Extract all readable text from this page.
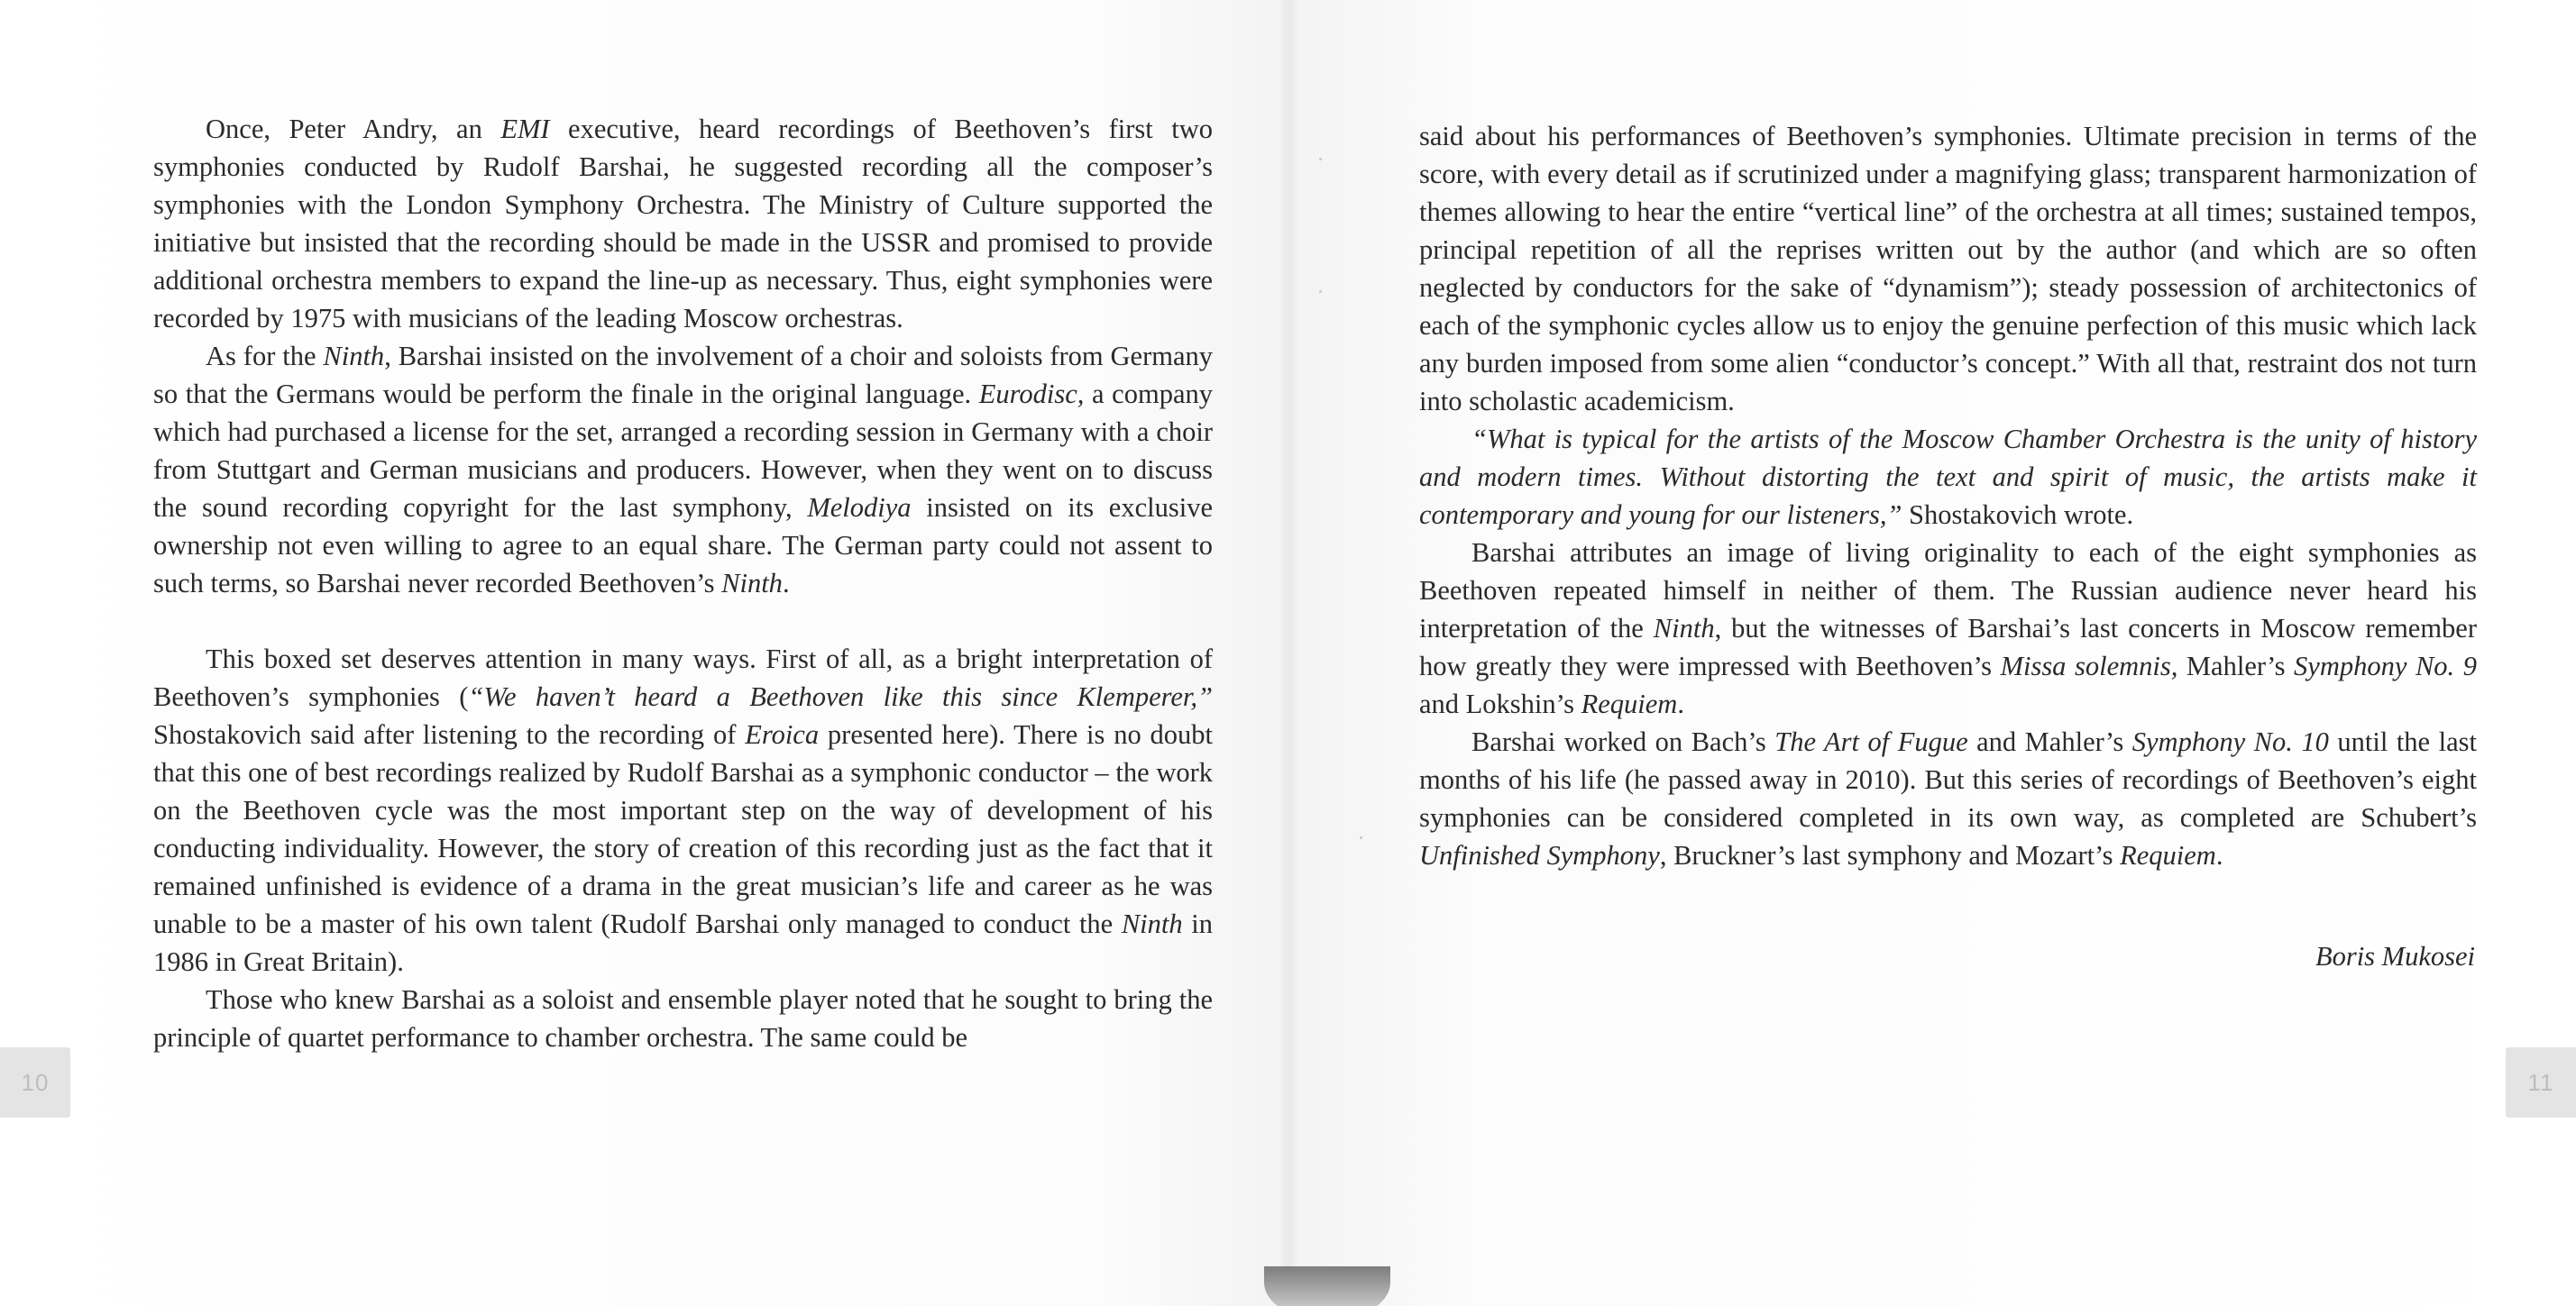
Once, Peter Andry, an EMI executive, heard recordings of Beethoven’s first two symphonies conducted by Rudolf Barshai, he suggested recording all the composer’s symphonies with the London Symphony Orchestra. The Ministry of Culture supported the initiative but insisted that the recording should be made in the USSR and promised to provide additional orchestra members to expand the line-up as necessary. Thus, eight symphonies were recorded by 1975 with musicians of the leading Moscow orchestras.

As for the Ninth, Barshai insisted on the involvement of a choir and soloists from Germany so that the Germans would be perform the finale in the original language. Eurodisc, a company which had purchased a license for the set, arranged a recording session in Germany with a choir from Stuttgart and German musicians and producers. However, when they went on to discuss the sound recording copyright for the last symphony, Melodiya insisted on its exclusive ownership not even willing to agree to an equal share. The German party could not assent to such terms, so Barshai never recorded Beethoven’s Ninth.

This boxed set deserves attention in many ways. First of all, as a bright interpretation of Beethoven’s symphonies (“We haven’t heard a Beethoven like this since Klemperer,” Shostakovich said after listening to the recording of Eroica presented here). There is no doubt that this one of best recordings realized by Rudolf Barshai as a symphonic conductor – the work on the Beethoven cycle was the most important step on the way of development of his conducting individuality. However, the story of creation of this recording just as the fact that it remained unfinished is evidence of a drama in the great musician’s life and career as he was unable to be a master of his own talent (Rudolf Barshai only managed to conduct the Ninth in 1986 in Great Britain).

Those who knew Barshai as a soloist and ensemble player noted that he sought to bring the principle of quartet performance to chamber orchestra. The same could be

10	11

said about his performances of Beethoven’s symphonies. Ultimate precision in terms of the score, with every detail as if scrutinized under a magnifying glass; transparent harmonization of themes allowing to hear the entire “vertical line” of the orchestra at all times; sustained tempos, principal repetition of all the reprises written out by the author (and which are so often neglected by conductors for the sake of “dynamism”); steady possession of architectonics of each of the symphonic cycles allow us to enjoy the genuine perfection of this music which lack any burden imposed from some alien “conductor’s concept.” With all that, restraint dos not turn into scholastic academicism.

“What is typical for the artists of the Moscow Chamber Orchestra is the unity of history and modern times. Without distorting the text and spirit of music, the artists make it contemporary and young for our listeners,” Shostakovich wrote.

Barshai attributes an image of living originality to each of the eight symphonies as Beethoven repeated himself in neither of them. The Russian audience never heard his interpretation of the Ninth, but the witnesses of Barshai’s last concerts in Moscow remember how greatly they were impressed with Beethoven’s Missa solemnis, Mahler’s Symphony No. 9 and Lokshin’s Requiem.

Barshai worked on Bach’s The Art of Fugue and Mahler’s Symphony No. 10 until the last months of his life (he passed away in 2010). But this series of recordings of Beethoven’s eight symphonies can be considered completed in its own way, as completed are Schubert’s Unfinished Symphony, Bruckner’s last symphony and Mozart’s Requiem.

Boris Mukosei
